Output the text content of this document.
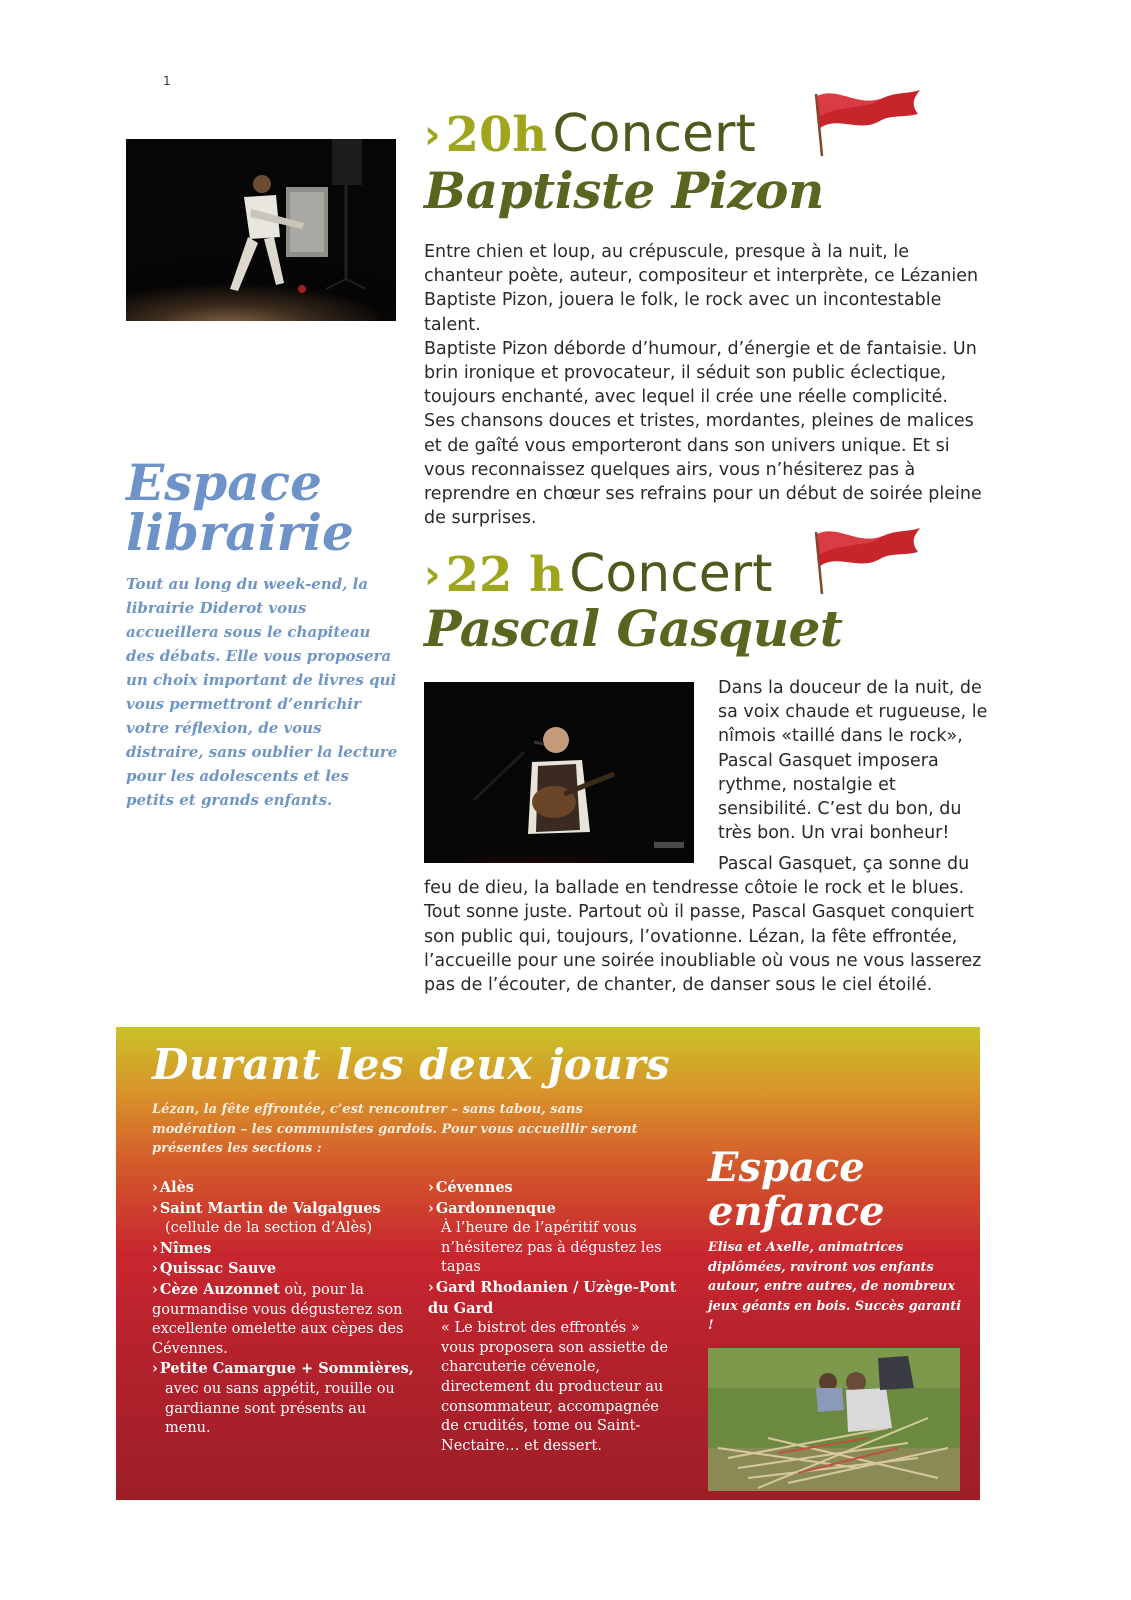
1
› 20h Concert
Baptiste Pizon

Entre chien et loup, au crépuscule, presque à la nuit, le chanteur poète, auteur, compositeur et interprète, ce Lézanien Baptiste Pizon, jouera le folk, le rock avec un incontestable talent.

Baptiste Pizon déborde d’humour, d’énergie et de fantaisie. Un brin ironique et provocateur, il séduit son public éclectique, toujours enchanté, avec lequel il crée une réelle complicité.

Ses chansons douces et tristes, mordantes, pleines de malices et de gaîté vous emporteront dans son univers unique. Et si vous reconnaissez quelques airs, vous n’hésiterez pas à reprendre en chœur ses refrains pour un début de soirée pleine de surprises.

Espace
librairie
Tout au long du week-end, la librairie Diderot vous accueillera sous le chapiteau des débats. Elle vous proposera un choix important de livres qui vous permettront d’enrichir votre réflexion, de vous distraire, sans oublier la lecture pour les adolescents et les petits et grands enfants.
› 22 h Concert
Pascal Gasquet
Dans la douceur de la nuit, de sa voix chaude et rugueuse, le nîmois «taillé dans le rock», Pascal Gasquet imposera rythme, nostalgie et sensibilité. C’est du bon, du très bon. Un vrai bonheur!
Pascal Gasquet, ça sonne du feu de dieu, la ballade en tendresse côtoie le rock et le blues. Tout sonne juste. Partout où il passe, Pascal Gasquet conquiert son public qui, toujours, l’ovationne. Lézan, la fête effrontée, l’accueille pour une soirée inoubliable où vous ne vous lasserez pas de l’écouter, de chanter, de danser sous le ciel étoilé.
Durant les deux jours
Lézan, la fête effrontée, c’est rencontrer – sans tabou, sans modération – les communistes gardois. Pour vous accueillir seront présentes les sections :
› Alès
› Saint Martin de Valgalgues
(cellule de la section d’Alès)
› Nîmes
› Quissac Sauve
› Cèze Auzonnet où, pour la gourmandise vous dégusterez son excellente omelette aux cèpes des Cévennes.
› Petite Camargue + Sommières,
avec ou sans appétit, rouille ou gardianne sont présents au menu.
› Cévennes
› Gardonnenque
À l’heure de l’apéritif vous n’hésiterez pas à dégustez les tapas
› Gard Rhodanien / Uzège-Pont du Gard
« Le bistrot des effrontés » vous proposera son assiette de charcuterie cévenole, directement du producteur au consommateur, accompagnée de crudités, tome ou Saint-Nectaire… et dessert.
Espace
enfance
Elisa et Axelle, animatrices diplômées, raviront vos enfants autour, entre autres, de nombreux jeux géants en bois. Succès garanti !
